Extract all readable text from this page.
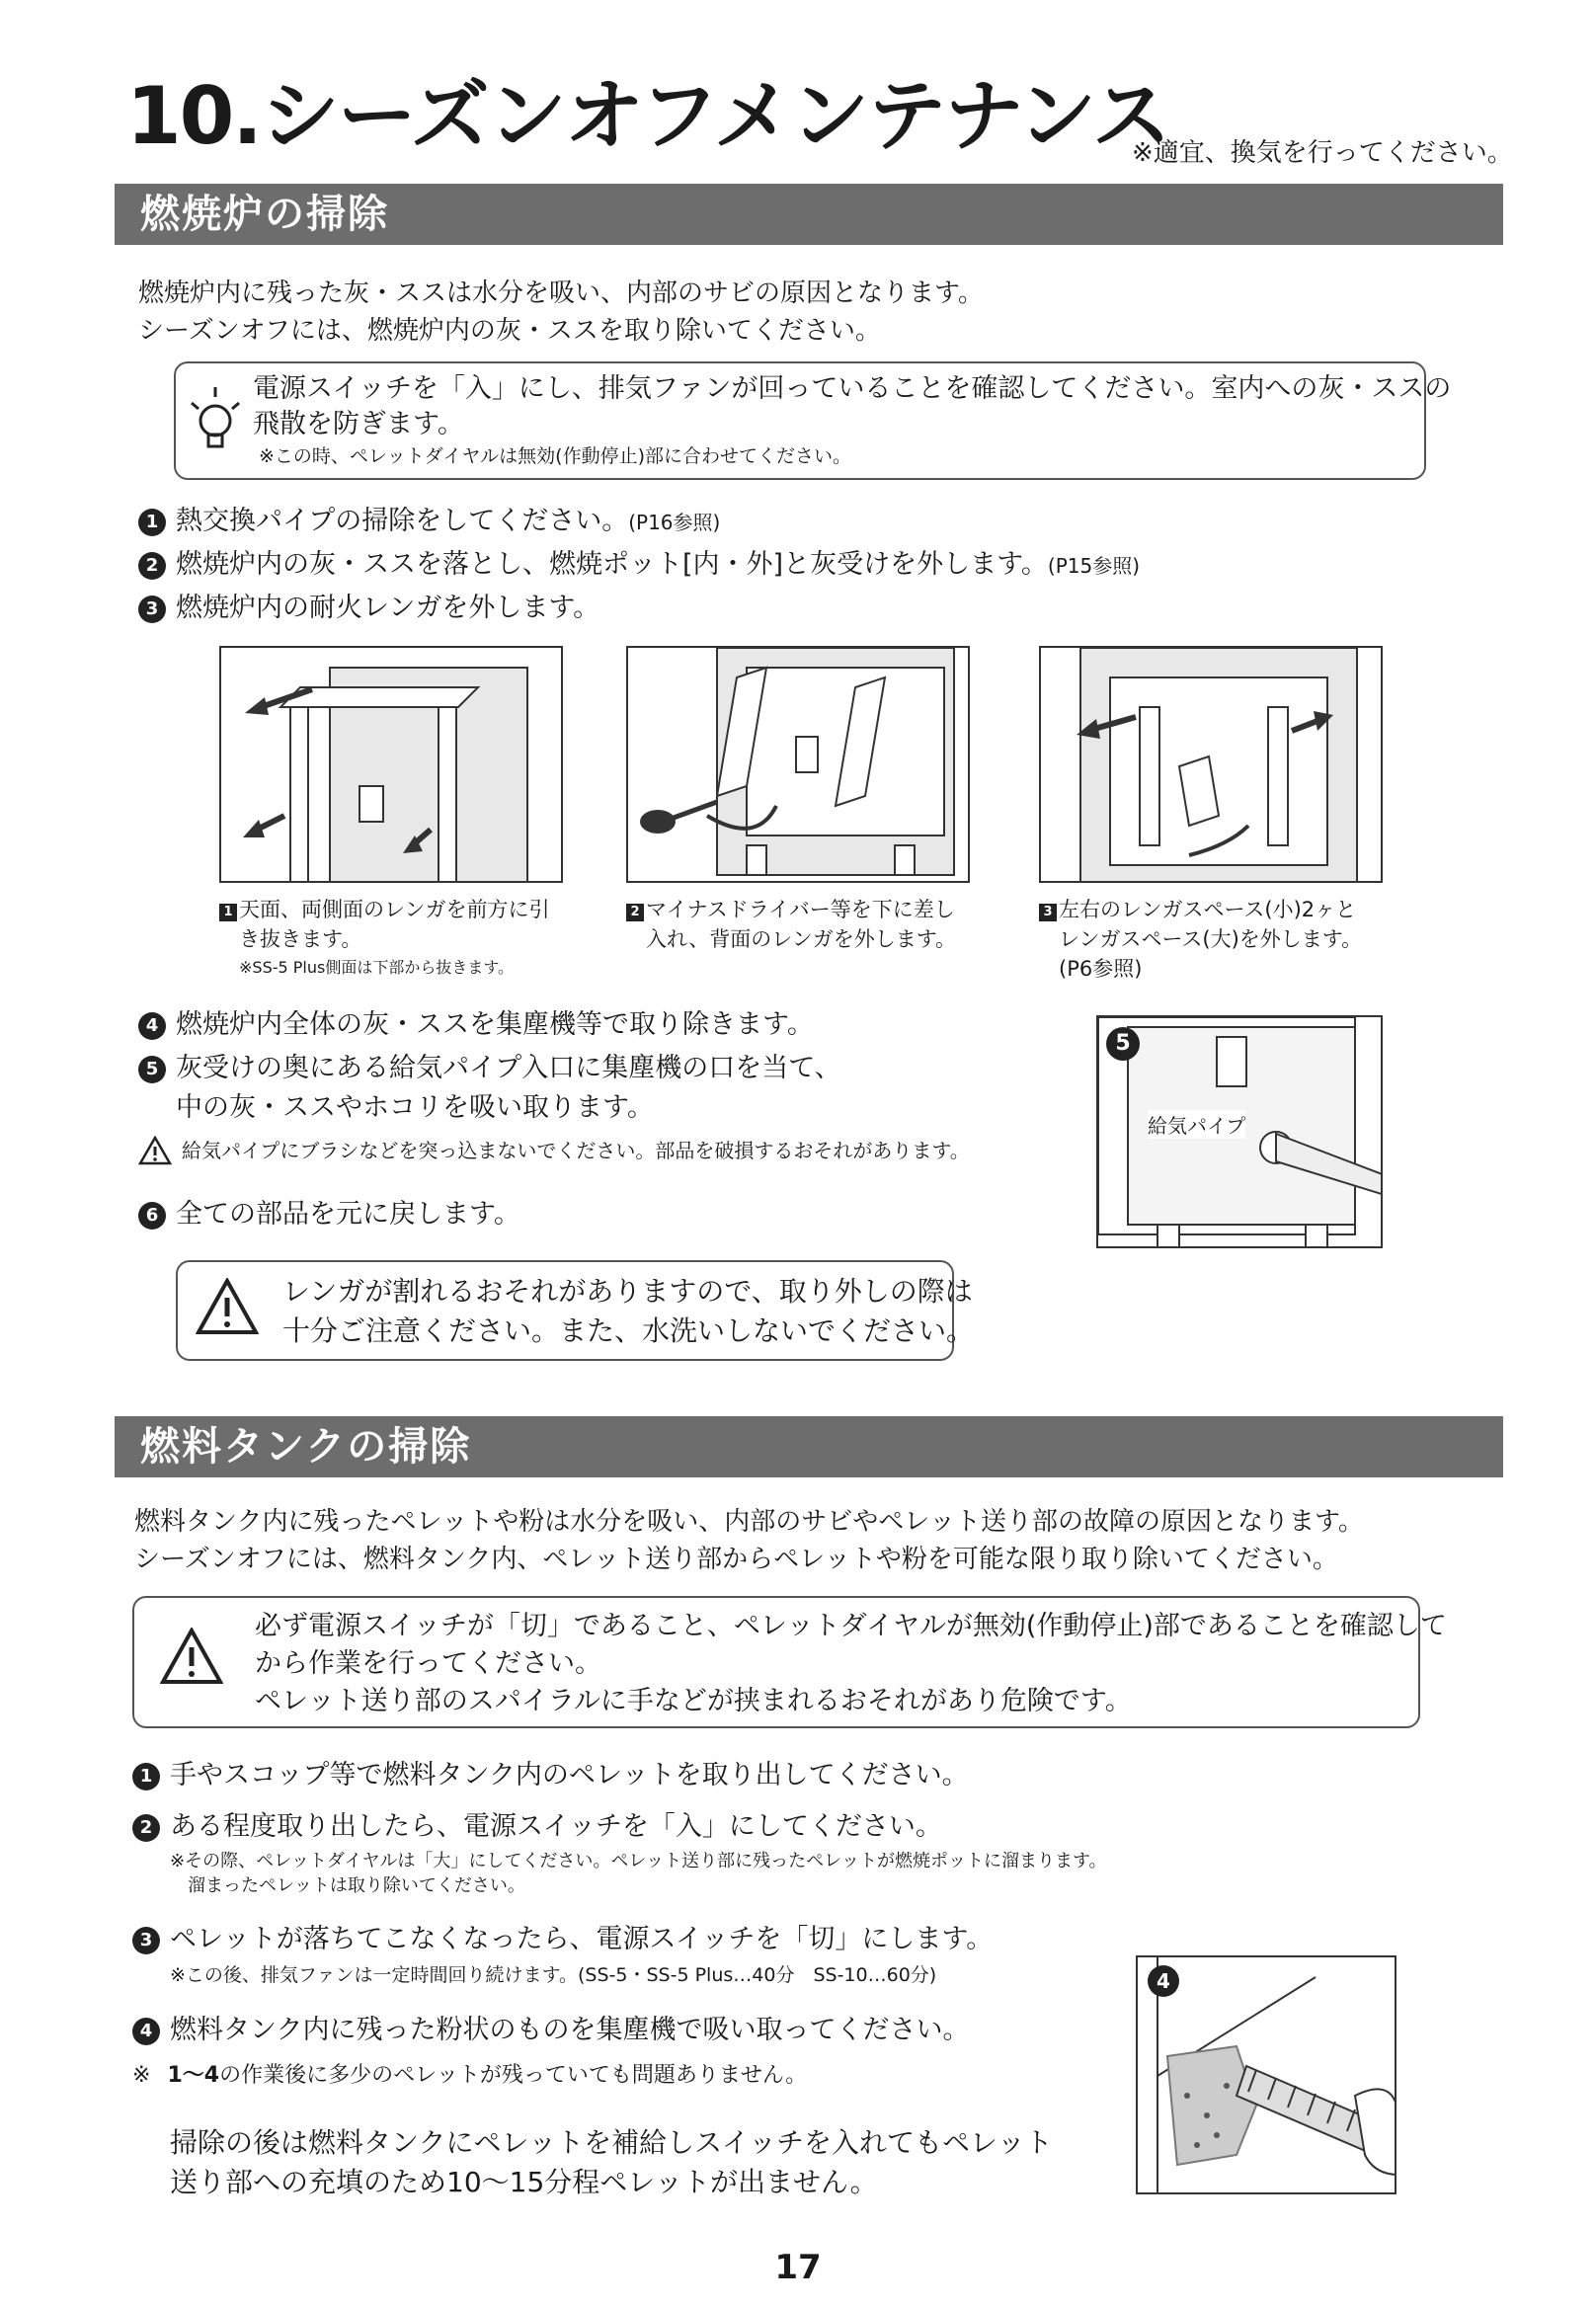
10.シーズンオフメンテナンス
※適宜、換気を行ってください。
燃焼炉の掃除
燃焼炉内に残った灰・ススは水分を吸い、内部のサビの原因となります。
シーズンオフには、燃焼炉内の灰・ススを取り除いてください。
電源スイッチを「入」にし、排気ファンが回っていることを確認してください。室内への灰・ススの
飛散を防ぎます。
※この時、ペレットダイヤルは無効(作動停止)部に合わせてください。
1 熱交換パイプの掃除をしてください。(P16参照)
2 燃焼炉内の灰・ススを落とし、燃焼ポット[内・外]と灰受けを外します。(P15参照)
3 燃焼炉内の耐火レンガを外します。
1 天面、両側面のレンガを前方に引
き抜きます。
※SS-5 Plus側面は下部から抜きます。
2 マイナスドライバー等を下に差し
入れ、背面のレンガを外します。
3 左右のレンガスペース(小)2ヶと
レンガスペース(大)を外します。
(P6参照)
4 燃焼炉内全体の灰・ススを集塵機等で取り除きます。
5 灰受けの奥にある給気パイプ入口に集塵機の口を当て、
中の灰・ススやホコリを吸い取ります。
給気パイプにブラシなどを突っ込まないでください。部品を破損するおそれがあります。
6 全ての部品を元に戻します。
5
給気パイプ
レンガが割れるおそれがありますので、取り外しの際は
十分ご注意ください。また、水洗いしないでください。
燃料タンクの掃除
燃料タンク内に残ったペレットや粉は水分を吸い、内部のサビやペレット送り部の故障の原因となります。
シーズンオフには、燃料タンク内、ペレット送り部からペレットや粉を可能な限り取り除いてください。
必ず電源スイッチが「切」であること、ペレットダイヤルが無効(作動停止)部であることを確認して
から作業を行ってください。
ペレット送り部のスパイラルに手などが挟まれるおそれがあり危険です。
1 手やスコップ等で燃料タンク内のペレットを取り出してください。
2 ある程度取り出したら、電源スイッチを「入」にしてください。
※その際、ペレットダイヤルは「大」にしてください。ペレット送り部に残ったペレットが燃焼ポットに溜まります。
溜まったペレットは取り除いてください。
3 ペレットが落ちてこなくなったら、電源スイッチを「切」にします。
※この後、排気ファンは一定時間回り続けます。(SS-5・SS-5 Plus…40分　SS-10…60分)
4 燃料タンク内に残った粉状のものを集塵機で吸い取ってください。
※ 1〜4の作業後に多少のペレットが残っていても問題ありません。
掃除の後は燃料タンクにペレットを補給しスイッチを入れてもペレット
送り部への充填のため10〜15分程ペレットが出ません。
4
17
